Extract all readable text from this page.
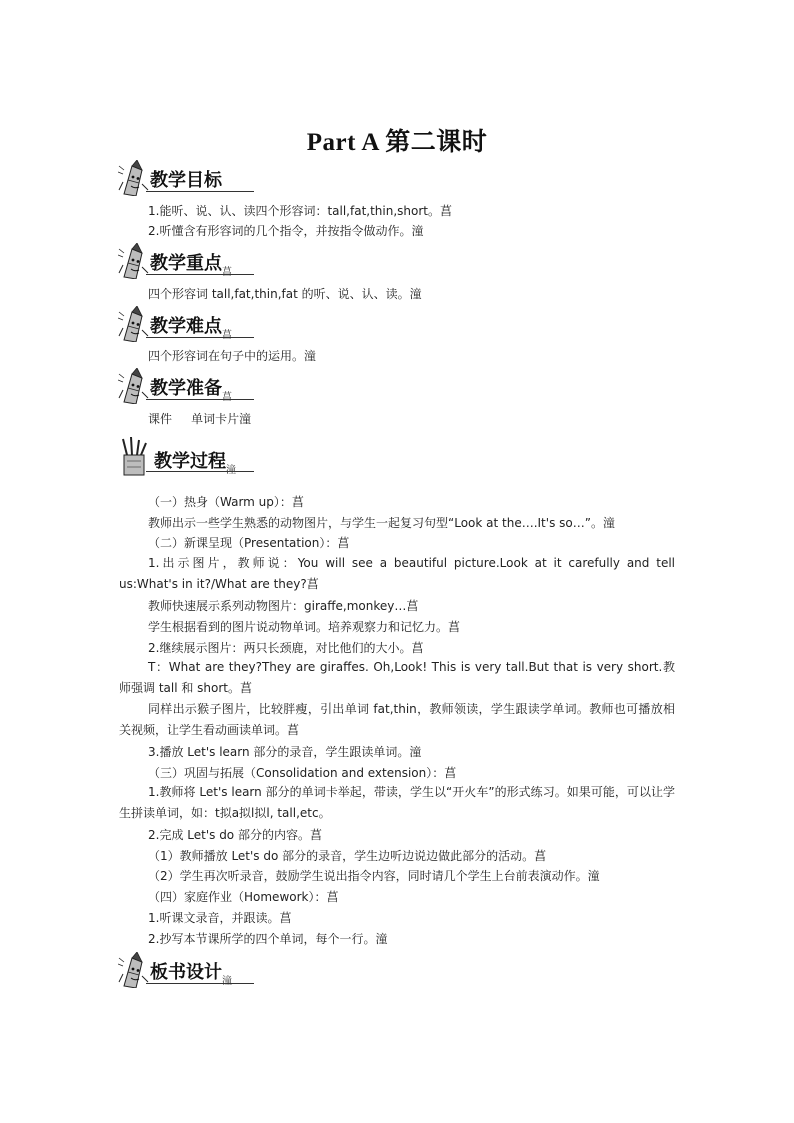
Part A 第二课时
教学目标
1.能听、说、认、读四个形容词：tall,fat,thin,short。菖
2.听懂含有形容词的几个指令，并按指令做动作。潼
教学重点$_菖$
四个形容词 tall,fat,thin,fat 的听、说、认、读。潼
教学难点$_菖$
四个形容词在句子中的运用。潼
教学准备$_菖$
课件     单词卡片潼
教学过程$_潼$
（一）热身（Warm up）：菖
教师出示一些学生熟悉的动物图片，与学生一起复习句型“Look at the….It's so…”。潼
（二）新课呈现（Presentation）：菖
1.出示图片，教师说：You will see a beautiful picture.Look at it carefully and tell us:What's in it?/What are they?菖
教师快速展示系列动物图片：giraffe,monkey…菖
学生根据看到的图片说动物单词。培养观察力和记忆力。菖
2.继续展示图片：两只长颈鹿，对比他们的大小。菖
T：What are they?They are giraffes. Oh,Look! This is very tall.But that is very short.教师强调 tall 和 short。菖
同样出示猴子图片，比较胖瘦，引出单词 fat,thin，教师领读，学生跟读学单词。教师也可播放相关视频，让学生看动画读单词。菖
3.播放 Let's learn 部分的录音，学生跟读单词。潼
（三）巩固与拓展（Consolidation and extension）：菖
1.教师将 Let's learn 部分的单词卡举起，带读，学生以“开火车”的形式练习。如果可能，可以让学生拼读单词，如：t拟a拟l拟l, tall,etc。
2.完成 Let's do 部分的内容。菖
（1）教师播放 Let's do 部分的录音，学生边听边说边做此部分的活动。菖
（2）学生再次听录音，鼓励学生说出指令内容，同时请几个学生上台前表演动作。潼
（四）家庭作业（Homework）：菖
1.听课文录音，并跟读。菖
2.抄写本节课所学的四个单词，每个一行。潼
板书设计$_潼$
